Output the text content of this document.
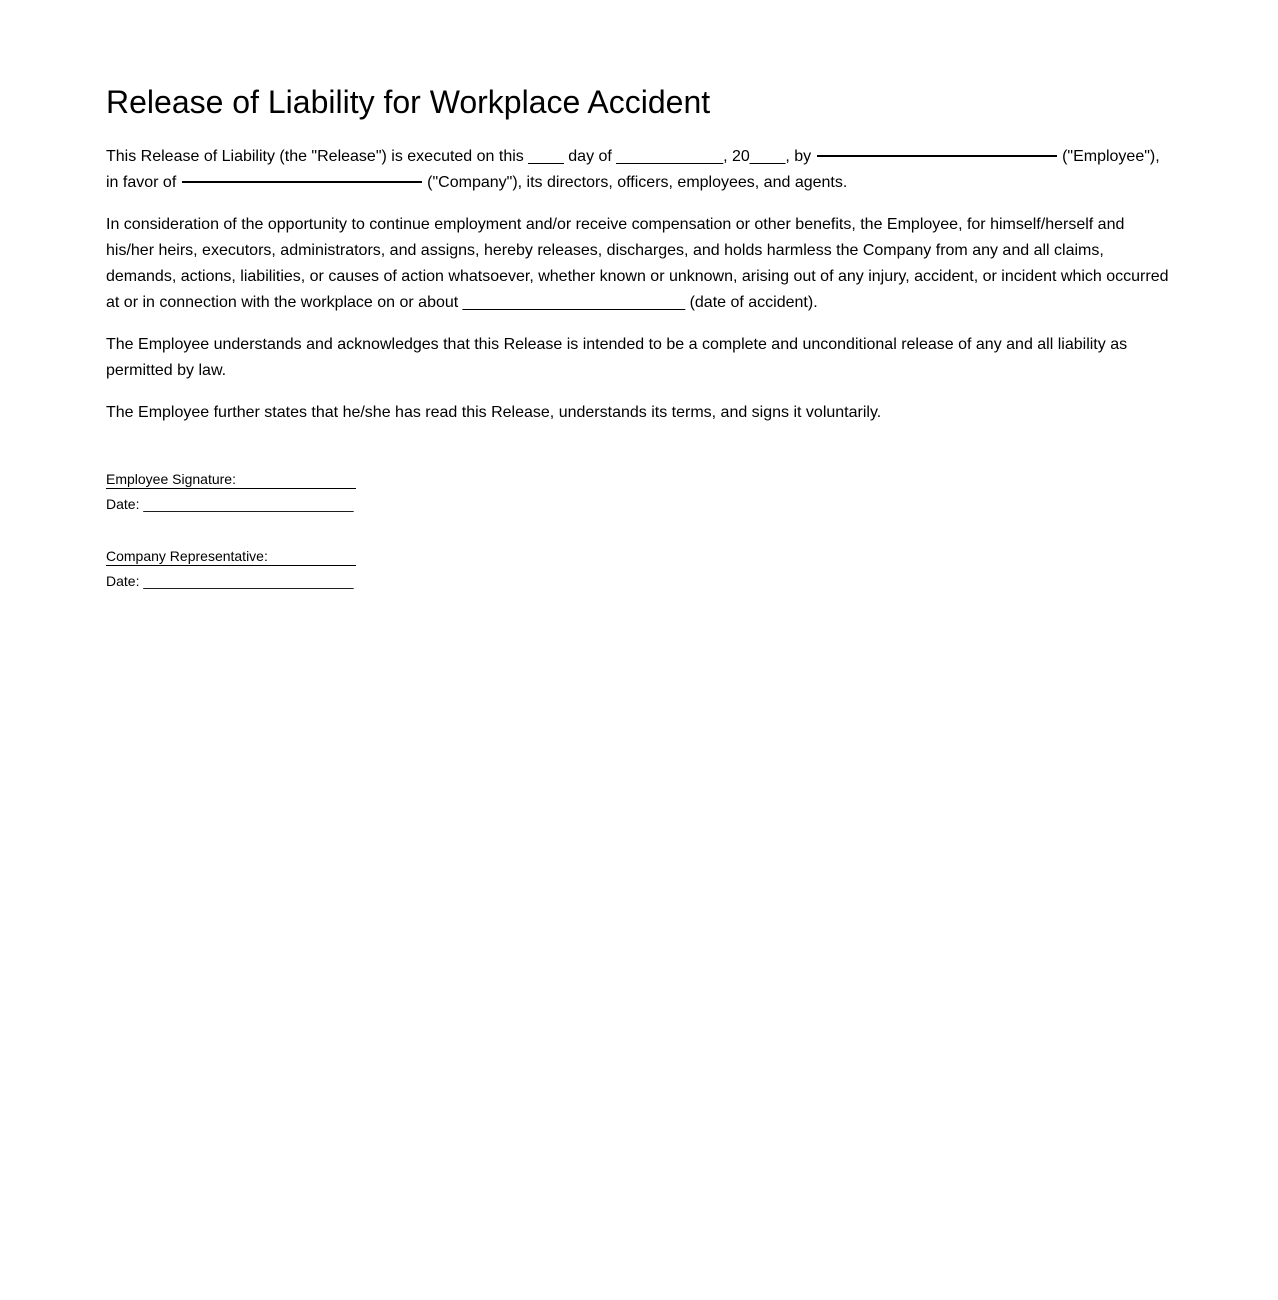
Release of Liability for Workplace Accident

This Release of Liability (the "Release") is executed on this ____ day of ____________, 20____, by	("Employee"),
in favor of	("Company"), its directors, officers, employees, and agents.

In consideration of the opportunity to continue employment and/or receive compensation or other benefits, the Employee, for himself/herself and his/her heirs, executors, administrators, and assigns, hereby releases, discharges, and holds harmless the Company from any and all claims, demands, actions, liabilities, or causes of action whatsoever, whether known or unknown, arising out of any injury, accident, or incident which occurred at or in connection with the workplace on or about _________________________ (date of accident).

The Employee understands and acknowledges that this Release is intended to be a complete and unconditional release of any and all liability as permitted by law.

The Employee further states that he/she has read this Release, understands its terms, and signs it voluntarily.

Employee Signature:
Date: ___________________________
Company Representative:
Date: ___________________________
